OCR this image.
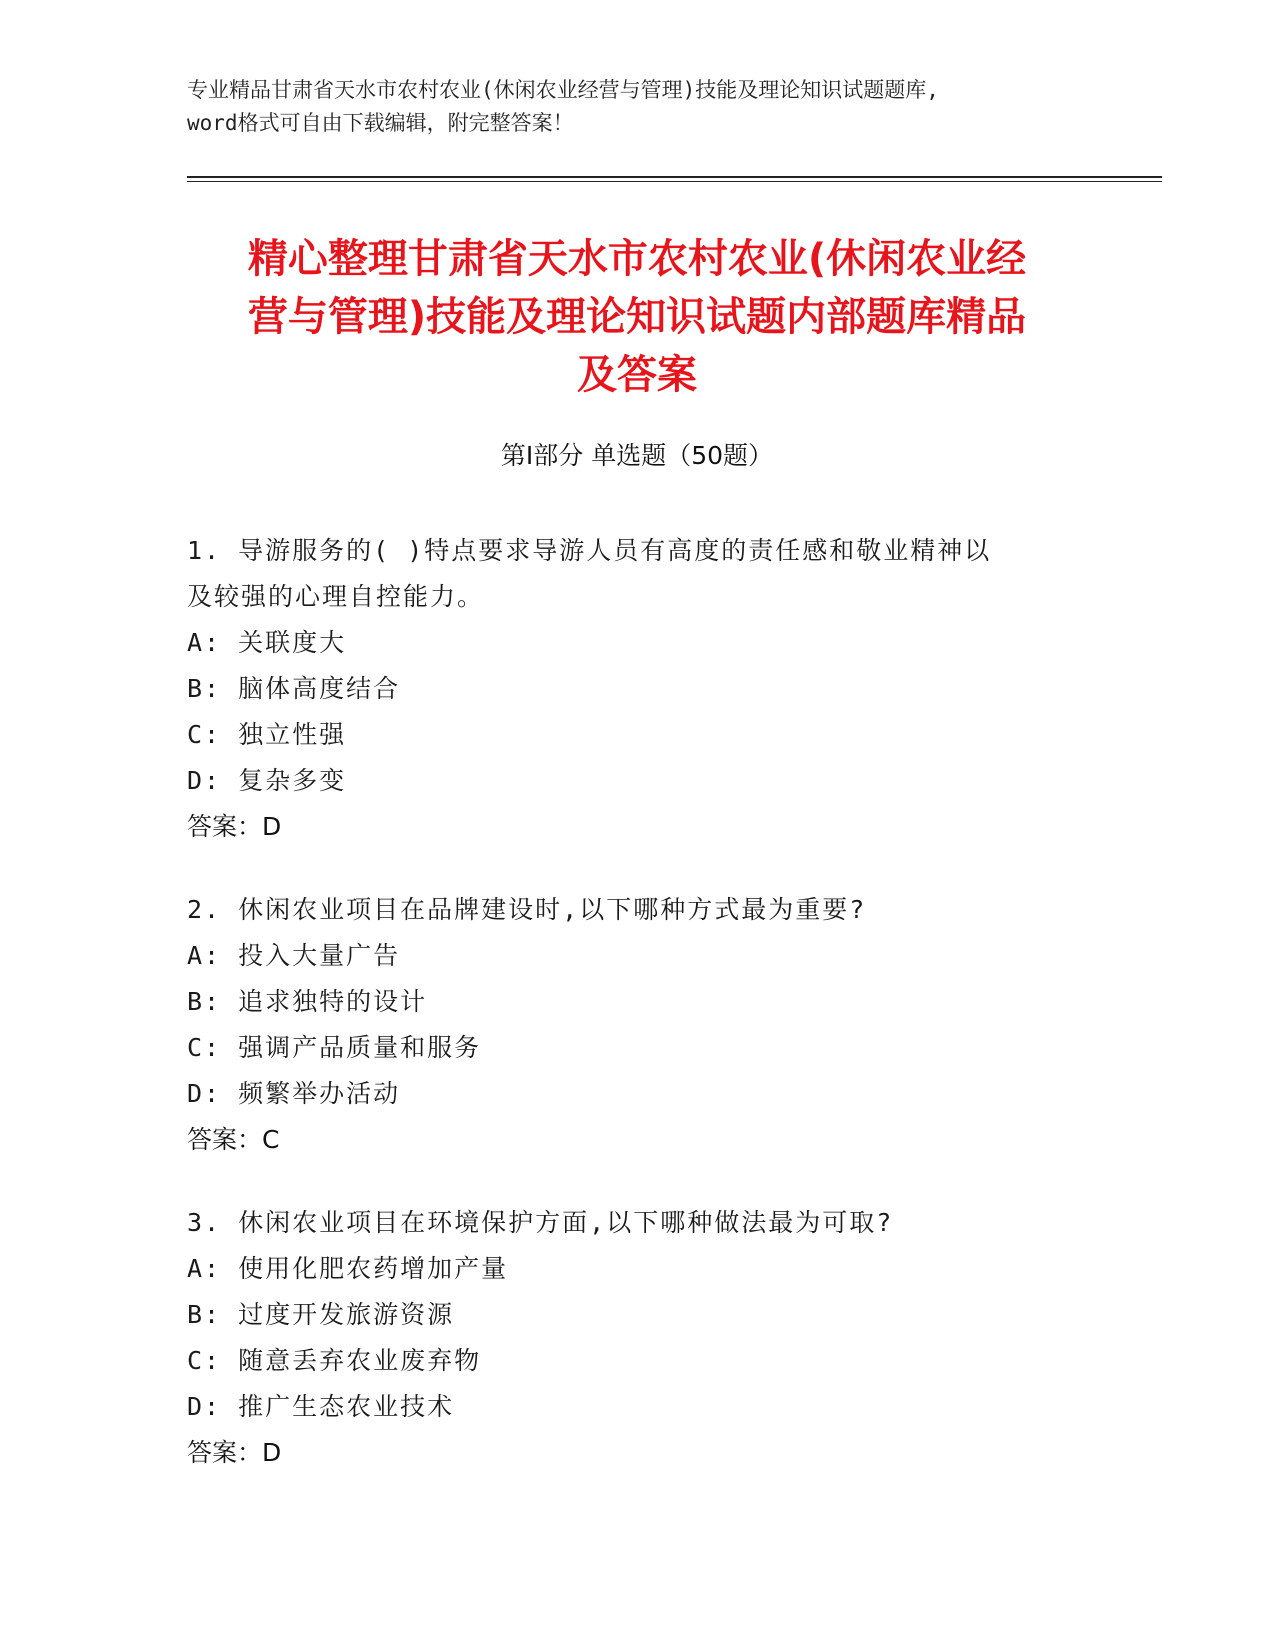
专业精品甘肃省天水市农村农业(休闲农业经营与管理)技能及理论知识试题题库,
word格式可自由下载编辑，附完整答案！
精心整理甘肃省天水市农村农业(休闲农业经
营与管理)技能及理论知识试题内部题库精品
及答案
第I部分 单选题（50题）
1. 导游服务的( )特点要求导游人员有高度的责任感和敬业精神以
及较强的心理自控能力。
A: 关联度大
B: 脑体高度结合
C: 独立性强
D: 复杂多变
答案：D
2. 休闲农业项目在品牌建设时,以下哪种方式最为重要?
A: 投入大量广告
B: 追求独特的设计
C: 强调产品质量和服务
D: 频繁举办活动
答案：C
3. 休闲农业项目在环境保护方面,以下哪种做法最为可取?
A: 使用化肥农药增加产量
B: 过度开发旅游资源
C: 随意丢弃农业废弃物
D: 推广生态农业技术
答案：D
